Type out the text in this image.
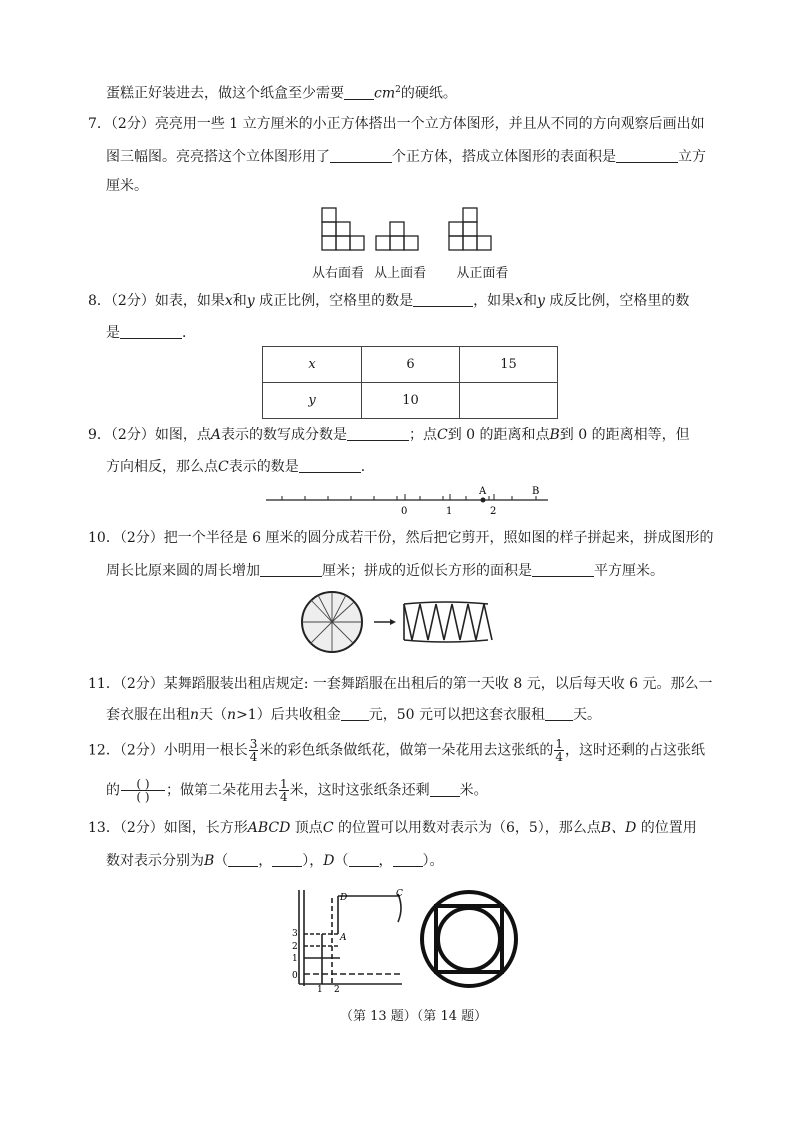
蛋糕正好装进去，做这个纸盒至少需要 $cm^2$的硬纸。
7．（2分）亮亮用一些 1 立方厘米的小正方体搭出一个立方体图形，并且从不同的方向观察后画出如
图三幅图。亮亮搭这个立体图形用了	个正方体，搭成立体图形的表面积是	立方
厘米。
从右面看 从上面看 从正面看
8．（2分）如表，如果x和y 成正比例，空格里的数是	，如果x和y 成反比例，空格里的数
是	．
x	6	15
y	10	
9．（2分）如图，点A表示的数写成分数是	；点C到 0 的距离和点B到 0 的距离相等，但
方向相反，那么点C表示的数是	．
0	1	2
A	B
10．（2分）把一个半径是 6 厘米的圆分成若干份，然后把它剪开，照如图的样子拼起来，拼成图形的
周长比原来圆的周长增加	厘米；拼成的近似长方形的面积是	平方厘米。
11．（2分）某舞蹈服装出租店规定: 一套舞蹈服在出租后的第一天收 8 元，以后每天收 6 元。那么一
套衣服在出租n天（n>1）后共收租金 元，50 元可以把这套衣服租 天。
12．（2分）小明用一根长 $\frac{3}{4}$ 米的彩色纸条做纸花，做第一朵花用去这张纸的 $\frac{1}{4}$ ，这时还剩的占这张纸
的 $\frac{( )}{( )}$ ；做第二朵花用去 $\frac{1}{4}$ 米，这时这张纸条还剩 米。
13．（2分）如图，长方形ABCD 顶点C 的位置可以用数对表示为（6，5），那么点B、D 的位置用
数对表示分别为B（ ， ），D（ ， ）。
3
2
1
0
1 2
A
D	C
（第 13 题）（第 14 题）
